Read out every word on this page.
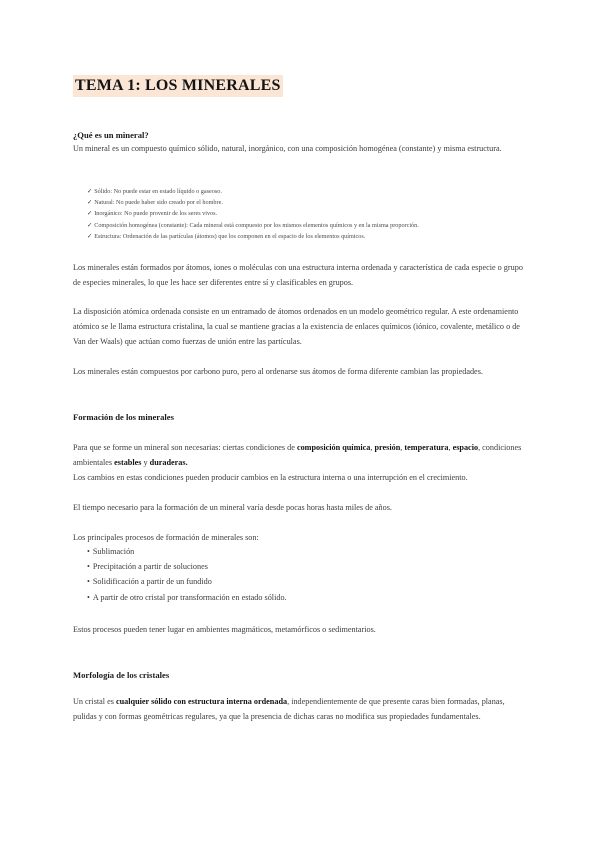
TEMA 1: LOS MINERALES
¿Qué es un mineral?
Un mineral es un compuesto químico sólido, natural, inorgánico, con una composición homogénea (constante) y misma estructura.
✓ Sólido: No puede estar en estado líquido o gaseoso.
✓ Natural: No puede haber sido creado por el hombre.
✓ Inorgánico: No puede provenir de los seres vivos.
✓ Composición homogénea (constante): Cada mineral está compuesto por los mismos elementos químicos y en la misma proporción.
✓ Estructura: Ordenación de las partículas (átomos) que los componen en el espacio de los elementos químicos.
Los minerales están formados por átomos, iones o moléculas con una estructura interna ordenada y característica de cada especie o grupo de especies minerales, lo que les hace ser diferentes entre sí y clasificables en grupos.
La disposición atómica ordenada consiste en un entramado de átomos ordenados en un modelo geométrico regular. A este ordenamiento atómico se le llama estructura cristalina, la cual se mantiene gracias a la existencia de enlaces químicos (iónico, covalente, metálico o de Van der Waals) que actúan como fuerzas de unión entre las partículas.
Los minerales están compuestos por carbono puro, pero al ordenarse sus átomos de forma diferente cambian las propiedades.
Formación de los minerales
Para que se forme un mineral son necesarias: ciertas condiciones de composición química, presión, temperatura, espacio, condiciones ambientales estables y duraderas.
Los cambios en estas condiciones pueden producir cambios en la estructura interna o una interrupción en el crecimiento.
El tiempo necesario para la formación de un mineral varía desde pocas horas hasta miles de años.
Los principales procesos de formación de minerales son:
• Sublimación
• Precipitación a partir de soluciones
• Solidificación a partir de un fundido
• A partir de otro cristal por transformación en estado sólido.
Estos procesos pueden tener lugar en ambientes magmáticos, metamórficos o sedimentarios.
Morfología de los cristales
Un cristal es cualquier sólido con estructura interna ordenada, independientemente de que presente caras bien formadas, planas, pulidas y con formas geométricas regulares, ya que la presencia de dichas caras no modifica sus propiedades fundamentales.
